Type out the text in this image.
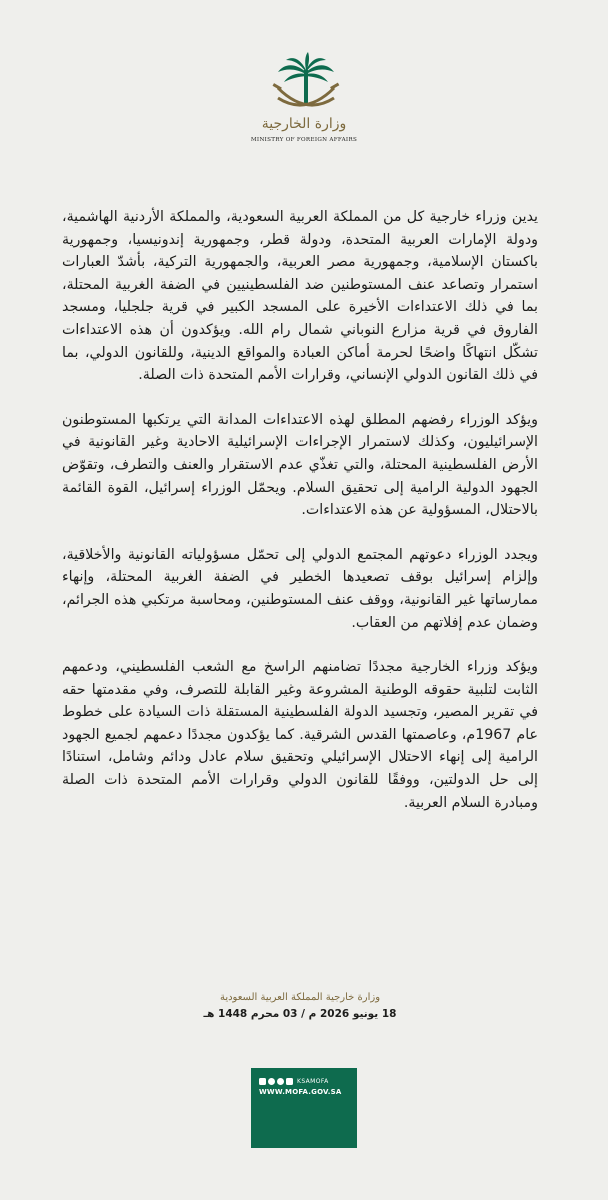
وزارة الخارجية
MINISTRY OF FOREIGN AFFAIRS

يدين وزراء خارجية كل من المملكة العربية السعودية، والمملكة الأردنية الهاشمية، ودولة الإمارات العربية المتحدة، ودولة قطر، وجمهورية إندونيسيا، وجمهورية باكستان الإسلامية، وجمهورية مصر العربية، والجمهورية التركية، بأشدّ العبارات استمرار وتصاعد عنف المستوطنين ضد الفلسطينيين في الضفة الغربية المحتلة، بما في ذلك الاعتداءات الأخيرة على المسجد الكبير في قرية جلجليا، ومسجد الفاروق في قرية مزارع النوباني شمال رام الله. ويؤكدون أن هذه الاعتداءات تشكّل انتهاكًا واضحًا لحرمة أماكن العبادة والمواقع الدينية، وللقانون الدولي، بما في ذلك القانون الدولي الإنساني، وقرارات الأمم المتحدة ذات الصلة.

ويؤكد الوزراء رفضهم المطلق لهذه الاعتداءات المدانة التي يرتكبها المستوطنون الإسرائيليون، وكذلك لاستمرار الإجراءات الإسرائيلية الاحادية وغير القانونية في الأرض الفلسطينية المحتلة، والتي تغذّي عدم الاستقرار والعنف والتطرف، وتقوّض الجهود الدولية الرامية إلى تحقيق السلام. ويحمّل الوزراء إسرائيل، القوة القائمة بالاحتلال، المسؤولية عن هذه الاعتداءات.

ويجدد الوزراء دعوتهم المجتمع الدولي إلى تحمّل مسؤولياته القانونية والأخلاقية، وإلزام إسرائيل بوقف تصعيدها الخطير في الضفة الغربية المحتلة، وإنهاء ممارساتها غير القانونية، ووقف عنف المستوطنين، ومحاسبة مرتكبي هذه الجرائم، وضمان عدم إفلاتهم من العقاب.

ويؤكد وزراء الخارجية مجددًا تضامنهم الراسخ مع الشعب الفلسطيني، ودعمهم الثابت لتلبية حقوقه الوطنية المشروعة وغير القابلة للتصرف، وفي مقدمتها حقه في تقرير المصير، وتجسيد الدولة الفلسطينية المستقلة ذات السيادة على خطوط عام 1967م، وعاصمتها القدس الشرقية. كما يؤكدون مجددًا دعمهم لجميع الجهود الرامية إلى إنهاء الاحتلال الإسرائيلي وتحقيق سلام عادل ودائم وشامل، استنادًا إلى حل الدولتين، ووفقًا للقانون الدولي وقرارات الأمم المتحدة ذات الصلة ومبادرة السلام العربية.

وزارة خارجية المملكة العربية السعودية
18 يونيو 2026 م / 03 محرم 1448 هـ
KSAMOFA
WWW.MOFA.GOV.SA
